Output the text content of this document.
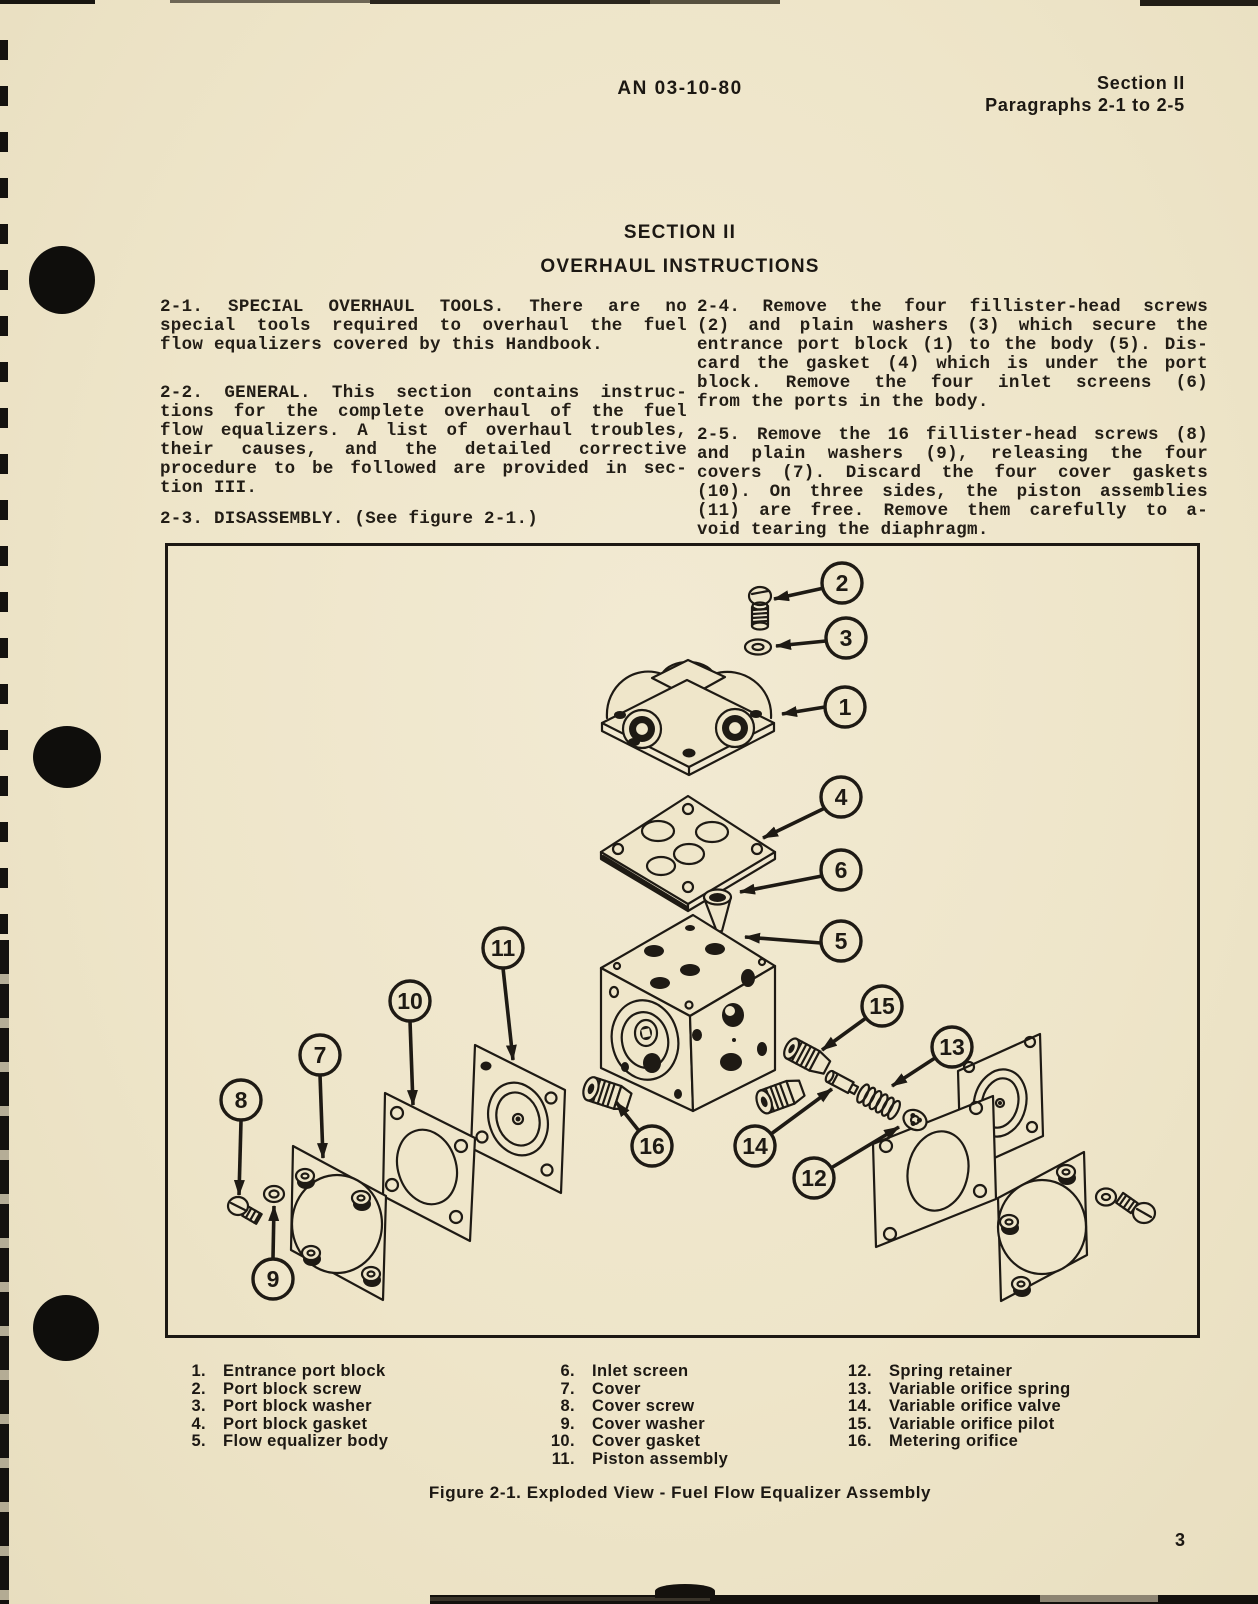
AN 03-10-80	Section II
Paragraphs 2-1 to 2-5
SECTION II
OVERHAUL INSTRUCTIONS
2-1. SPECIAL OVERHAUL TOOLS. There are no
special tools required to overhaul the fuel
flow equalizers covered by this Handbook.
2-2. GENERAL. This section contains instruc-
tions for the complete overhaul of the fuel
flow equalizers. A list of overhaul troubles,
their causes, and the detailed corrective
procedure to be followed are provided in sec-
tion III.
2-3. DISASSEMBLY. (See figure 2-1.)
2-4. Remove the four fillister-head screws
(2) and plain washers (3) which secure the
entrance port block (1) to the body (5). Dis-
card the gasket (4) which is under the port
block. Remove the four inlet screens (6)
from the ports in the body.
2-5. Remove the 16 fillister-head screws (8)
and plain washers (9), releasing the four
covers (7). Discard the four cover gaskets
(10). On three sides, the piston assemblies
(11) are free. Remove them carefully to a-
void tearing the diaphragm.
2
3
1
4
6
5
11
10
7
8
9
15
13
16	14
12
1. Entrance port block
2. Port block screw
3. Port block washer
4. Port block gasket
5. Flow equalizer body
6. Inlet screen
7. Cover
8. Cover screw
9. Cover washer
10. Cover gasket
11. Piston assembly
12. Spring retainer
13. Variable orifice spring
14. Variable orifice valve
15. Variable orifice pilot
16. Metering orifice
Figure 2-1. Exploded View - Fuel Flow Equalizer Assembly
3
